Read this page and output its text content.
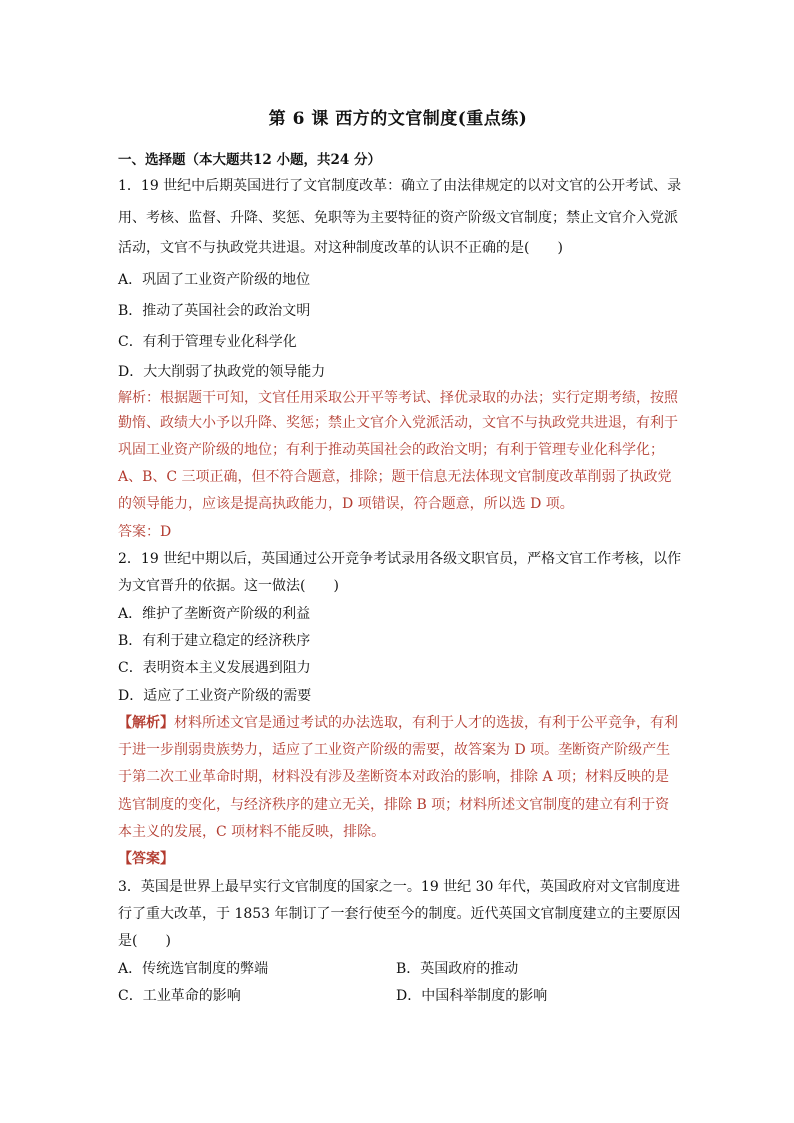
第 6 课 西方的文官制度(重点练)
一、选择题（本大题共12 小题，共24 分）
1．19 世纪中后期英国进行了文官制度改革：确立了由法律规定的以对文官的公开考试、录
用、考核、监督、升降、奖惩、免职等为主要特征的资产阶级文官制度；禁止文官介入党派
活动，文官不与执政党共进退。对这种制度改革的认识不正确的是(　　)
A．巩固了工业资产阶级的地位
B．推动了英国社会的政治文明
C．有利于管理专业化科学化
D．大大削弱了执政党的领导能力
解析：根据题干可知，文官任用采取公开平等考试、择优录取的办法；实行定期考绩，按照
勤惰、政绩大小予以升降、奖惩；禁止文官介入党派活动，文官不与执政党共进退，有利于
巩固工业资产阶级的地位；有利于推动英国社会的政治文明；有利于管理专业化科学化；
A、B、C 三项正确，但不符合题意，排除；题干信息无法体现文官制度改革削弱了执政党
的领导能力，应该是提高执政能力，D 项错误，符合题意，所以选 D 项。
答案：D
2．19 世纪中期以后，英国通过公开竞争考试录用各级文职官员，严格文官工作考核，以作
为文官晋升的依据。这一做法(　　)
A．维护了垄断资产阶级的利益
B．有利于建立稳定的经济秩序
C．表明资本主义发展遇到阻力
D．适应了工业资产阶级的需要
【解析】材料所述文官是通过考试的办法选取，有利于人才的选拔，有利于公平竞争，有利
于进一步削弱贵族势力，适应了工业资产阶级的需要，故答案为 D 项。垄断资产阶级产生
于第二次工业革命时期，材料没有涉及垄断资本对政治的影响，排除 A 项；材料反映的是
选官制度的变化，与经济秩序的建立无关，排除 B 项；材料所述文官制度的建立有利于资
本主义的发展，C 项材料不能反映，排除。
【答案】
3．英国是世界上最早实行文官制度的国家之一。19 世纪 30 年代，英国政府对文官制度进
行了重大改革，于 1853 年制订了一套行使至今的制度。近代英国文官制度建立的主要原因
是(　　)
A．传统选官制度的弊端	B．英国政府的推动
C．工业革命的影响	D．中国科举制度的影响
